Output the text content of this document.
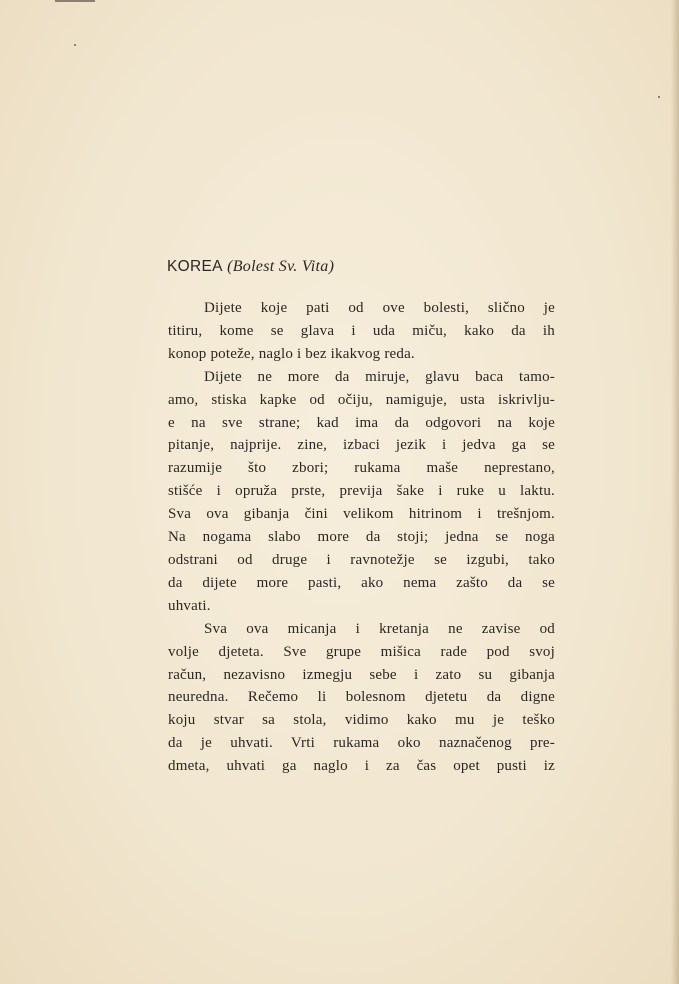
KOREA (Bolest Sv. Vita)
Dijete koje pati od ove bolesti, slično je
titiru, kome se glava i uda miču, kako da ih
konop poteže, naglo i bez ikakvog reda.
Dijete ne more da miruje, glavu baca tamo-
amo, stiska kapke od očiju, namiguje, usta iskrivlju-
e na sve strane; kad ima da odgovori na koje
pitanje, najprije. zine, izbaci jezik i jedva ga se
razumije što zbori; rukama maše neprestano,
stišće i opruža prste, previja šake i ruke u laktu.
Sva ova gibanja čini velikom hitrinom i trešnjom.
Na nogama slabo more da stoji; jedna se noga
odstrani od druge i ravnotežje se izgubi, tako
da dijete more pasti, ako nema zašto da se
uhvati.
Sva ova micanja i kretanja ne zavise od
volje djeteta. Sve grupe mišica rade pod svoj
račun, nezavisno izmegju sebe i zato su gibanja
neuredna. Rečemo li bolesnom djetetu da digne
koju stvar sa stola, vidimo kako mu je teško
da je uhvati. Vrti rukama oko naznačenog pre-
dmeta, uhvati ga naglo i za čas opet pusti iz
